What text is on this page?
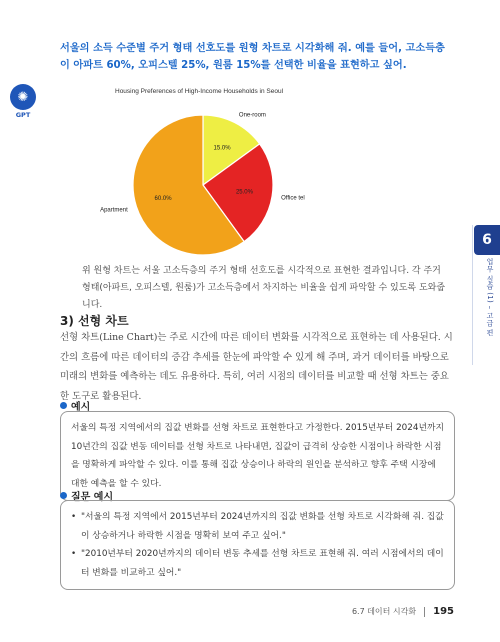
서울의 소득 수준별 주거 형태 선호도를 원형 차트로 시각화해 줘. 예를 들어, 고소득층이 아파트 60%, 오피스텔 25%, 원룸 15%를 선택한 비율을 표현하고 싶어.
✺
GPT
Housing Preferences of High-Income Households in Seoul
15.0%
One-room
25.0%
Office tel
60.0%
Apartment
위 원형 차트는 서울 고소득층의 주거 형태 선호도를 시각적으로 표현한 결과입니다. 각 주거 형태(아파트, 오피스텔, 원룸)가 고소득층에서 차지하는 비율을 쉽게 파악할 수 있도록 도와줍니다.
3) 선형 차트
선형 차트(Line Chart)는 주로 시간에 따른 데이터 변화를 시각적으로 표현하는 데 사용된다. 시간의 흐름에 따른 데이터의 증감 추세를 한눈에 파악할 수 있게 해 주며, 과거 데이터를 바탕으로 미래의 변화를 예측하는 데도 유용하다. 특히, 여러 시점의 데이터를 비교할 때 선형 차트는 중요한 도구로 활용된다.
예시
서울의 특정 지역에서의 집값 변화를 선형 차트로 표현한다고 가정한다. 2015년부터 2024년까지 10년간의 집값 변동 데이터를 선형 차트로 나타내면, 집값이 급격히 상승한 시점이나 하락한 시점을 명확하게 파악할 수 있다. 이를 통해 집값 상승이나 하락의 원인을 분석하고 향후 주택 시장에 대한 예측을 할 수 있다.
질문 예시
• "서울의 특정 지역에서 2015년부터 2024년까지의 집값 변화를 선형 차트로 시각화해 줘. 집값이 상승하거나 하락한 시점을 명확히 보여 주고 싶어."
• "2010년부터 2020년까지의 데이터 변동 추세를 선형 차트로 표현해 줘. 여러 시점에서의 데이터 변화를 비교하고 싶어."
6
업무 실습 (1) – 고급 편
6.7 데이터 시각화 195
